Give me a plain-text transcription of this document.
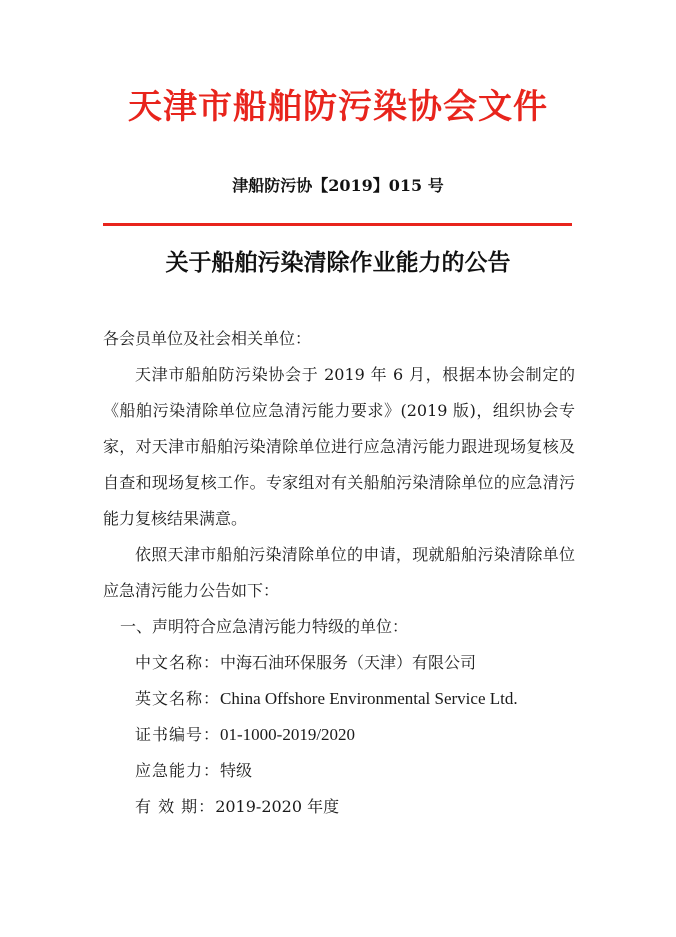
天津市船舶防污染协会文件
津船防污协【2019】015 号
关于船舶污染清除作业能力的公告

各会员单位及社会相关单位：

天津市船舶防污染协会于 2019 年 6 月，根据本协会制定的《船舶污染清除单位应急清污能力要求》(2019 版)，组织协会专家，对天津市船舶污染清除单位进行应急清污能力跟进现场复核及自查和现场复核工作。专家组对有关船舶污染清除单位的应急清污能力复核结果满意。

依照天津市船舶污染清除单位的申请，现就船舶污染清除单位应急清污能力公告如下：

一、声明符合应急清污能力特级的单位：

中文名称：中海石油环保服务（天津）有限公司

英文名称：China Offshore Environmental Service Ltd.

证书编号：01-1000-2019/2020

应急能力：特级

有 效 期：2019-2020 年度
